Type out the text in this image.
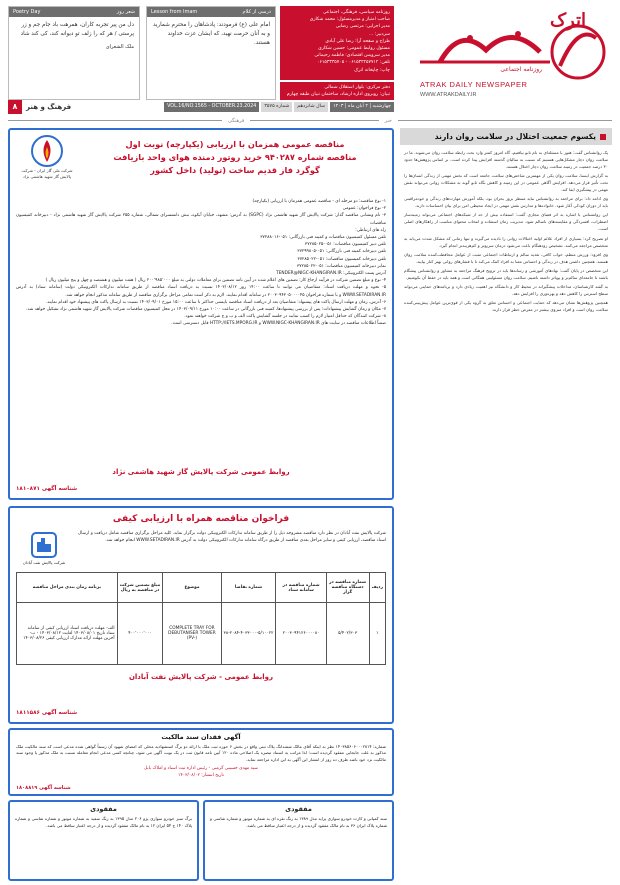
اترک
روزنامه اجتماعی
ATRAK DAILY NEWSPAPER
WWW.ATRAKDAILY.IR
روزنامه سیاسی، فرهنگی، اجتماعی
صاحب امتیاز و مدیرمسئول: محمد شکاری
مدیر اجرایی: مرتضی رضایی
سردبیر: ...
طراح و صفحه آرا: رضا علی آبادی
مسئول روابط عمومی: حسین شکاری
مدیر سرویس اقتصادی: فاطمه رحیمانی
تلفن: ۰۶۱۵۳۲۲۵۷۷۱۲ - ۰۶۱۵۳۳۳۵۷۰۵
چاپ: چاپخانه اترک
دفتر مرکزی: بلوار استقلال شمالی
تبیان: روبروی اداره ارشاد، ساختمان تبیان طبقه چهارم
درسی از کلام
Lesson from Imam
امام علی (ع) فرمودند: پادشاهان را محترم شمارید و به آنان حرمت نهید، که ایشان عزت خداوند هستند.
شعر روز
Poetry Day
دل من پیر تجربه کاران، همرهت باد جام جم و زر پرستی / هر که را زلف تو دیوانه کند، کی کند شاد
ملک الشعرای
چهارشنبه | ۲ آبان ماه | ۱۴۰۳
سال شانزدهم
شماره ۳۵۷۵
VOL.16/NO.1565 - OCTOBER.23.2024
فرهنگ و هنر
۸
خبر
فرهنگی
یکسوم جمعیت اختلال در سلامت روان دارند

یک روانشناس گفت: هنوز با مسئله‌ای به نام تابو نیافتیم، گاه امروز کمتر وارد بحث رابطه سلامت روان می‌شوند. ما در سلامت روان دچار مشکل‌هایی هستیم که نسبت به سالیان گذشته افزایش پیدا کرده است. بر اساس پژوهش‌ها حدود ۳۰ درصد جمعیت در زمینه سلامت روان دچار اختلال هستند.

به گزارش ایسنا، سلامت روان یکی از مهمترین شاخص‌های سلامت جامعه است که بخش مهمی از زندگی انسان‌ها را تحت تأثیر قرار می‌دهد. افزایش آگاهی عمومی در این زمینه و کاهش نگاه تابو گونه به مشکلات روانی می‌تواند نقش مهمی در پیشگیری ایفا کند.

وی ادامه داد: برای مراجعه به روانشناس نباید منتظر بروز بحران بود، بلکه آموزش مهارت‌های زندگی و خودمراقبتی باید از دوران کودکی آغاز شود. خانواده‌ها و مدارس نقش مهمی در ایجاد محیطی امن برای بیان احساسات دارند.

این روانشناس با اشاره به اثر فضای مجازی گفت: استفاده بیش از حد از شبکه‌های اجتماعی می‌تواند زمینه‌ساز اضطراب، افسردگی و مقایسه‌های ناسالم شود. مدیریت زمان استفاده و انتخاب محتوای مناسب از راهکارهای اصلی است.

او تصریح کرد: بسیاری از افراد علائم اولیه اختلالات روانی را نادیده می‌گیرند و تنها زمانی که مشکل شدت می‌یابد به متخصص مراجعه می‌کنند. تشخیص زودهنگام باعث می‌شود درمان سریع‌تر و کم‌هزینه‌تر انجام گیرد.

وی افزود: ورزش منظم، خواب کافی، تغذیه سالم و ارتباطات اجتماعی مثبت از عوامل محافظت‌کننده سلامت روان هستند. همچنین داشتن هدف در زندگی و احساس معنا به افراد کمک می‌کند تا با فشارهای روانی بهتر کنار بیایند.

این متخصص در پایان گفت: نهادهای آموزشی و رسانه‌ها باید در ترویج فرهنگ مراجعه به مشاور و روانشناس پیشگام باشند تا جامعه‌ای سالم‌تر و پویاتر داشته باشیم. سلامت روان مسئولیتی همگانی است و همه باید در حفظ آن بکوشیم.

به گفته کارشناسان، مداخلات پیشگیرانه در محیط کار و دانشگاه نیز اهمیت زیادی دارد و برنامه‌های حمایتی می‌تواند سطح استرس را کاهش دهد و بهره‌وری را افزایش دهد.

همچنین پژوهش‌ها نشان می‌دهد که حمایت اجتماعی و احساس تعلق به گروه یکی از قوی‌ترین عوامل پیش‌بینی‌کننده سلامت روان است و افراد منزوی بیشتر در معرض خطر قرار دارند.

مناقصه عمومی همزمان با ارزیابی (یکپارچه) نوبت اول
مناقصه شماره ۹۴۰۲۸۷ خرید روتور دمنده هوای واحد بازیافت
گوگرد فاز قدیم ساخت (تولید) داخل کشور
شرکت ملی گاز ایران - شرکت پالایش گاز شهید هاشمی نژاد
۱- نوع مناقصه: دو مرحله ای - مناقصه عمومی همزمان با ارزیابی (یکپارچه)
۲- نوع فراخوان: عمومی
۳- نام ونشانی مناقصه گذار: شرکت پالایش گاز شهید هاشمی نژاد (SGPC) به آدرس: مشهد، خیابان آبکوه، نبش دانشسرای شمالی، شماره ۲۵۵ شرکت پالایش گاز شهید هاشمی نژاد - دبیرخانه کمیسیون مناقصات
راه های ارتباطی:
تلفن مسئول کمیسیون مناقصات و کمیته فنی بازرگانی: ۰۵۱-۳۷۲۸۸۰۱۶
تلفن دبیر کمیسیون مناقصات: ۰۵۱-۳۷۲۸۵۰۲۵
تلفن دبیرخانه کمیته فنی بازرگانی: ۰۵۱-۳۷۲۹۹۸۰۵
تلفن دبیرخانه کمیسیون مناقصات: ۰۵۱-۳۷۲۸۵۰۲۲
نمابر دبیرخانه کمیسیون مناقصات: ۰۵۱-۳۷۲۸۵۰۲۲
آدرس پست الکترونیکی: TENDER@NIGC-KHANGIRAN.IR
۴- نوع و مبلغ تضمین شرکت در فرآیند ارجاع کار: تضمین های اعلام شده در آیین نامه تضمین برای معاملات دولتی به مبلغ ۲۰۰٬۹۸۵٬۰۰۰ ریال ( هفت میلیون و هشتصد و چهل و پنج میلیون ریال )
۵- نحوه و مهلت دریافت اسناد: متقاضیان می توانند تا ساعت ۱۴:۰۰ روز ۱۴۰۳/۰۸/۱۲ نسبت به دریافت اسناد مناقصه از طریق سامانه تدارکات الکترونیکی دولت (سامانه ستاد) به آدرس WWW.SETADIRAN.IR و با شماره فراخوان ۲۰۰۳۰۹۴۲۰۵۰۰۰۰۴۵ در سامانه اقدام نمایند. لازم به ذکر است تمامی مراحل برگزاری مناقصه از طریق سامانه مذکور انجام خواهد شد.
۶- آدرس، زمان و مهلت ارسال پاکت های پیشنهاد: متقاضیان بعد از دریافت اسناد مناقصه بایستی حداکثر تا ساعت ۱۵:۰۰ مورخ ۱۴۰۳/۰۹/۰۱ نسبت به ارسال پاکت های پیشنهاد خود اقدام نمایند.
۷- مکان و زمان گشایش پیشنهادات: پس از بررسی پیشنهادها، کمیته فنی بازرگانی در ساعت ۱۰:۰۰ مورخ ۱۴۰۳/۰۹/۱۱ در محل کمیسیون مناقصات شرکت پالایش گاز شهید هاشمی نژاد تشکیل خواهد شد.
۸- شرکت کنندگان که حداقل امتیاز لازم را کسب نمایند در جلسه گشایش پاکت الف و ب و ج شرکت خواهند نمود.
ضمناً اطلاعات مناقصه در سایت های WWW.NIGC-KHANGIRAN.IR و HTTP://IETS.MPORG.IR قابل دسترسی است.
روابط عمومی شرکت پالایش گاز شهید هاشمی نژاد
شناسه آگهی ۱۸۱۰۸۷۱
فراخوان مناقصه همراه با ارزیابی کیفی
شرکت پالایش نفت آبادان در نظر دارد مناقصه مشروحه ذیل را از طریق سامانه تدارکات الکترونیکی دولت برگزار نماید. کلیه مراحل برگزاری مناقصه شامل دریافت و ارسال اسناد مناقصه، ارزیابی کیفی و سایر مراحل بعدی مناقصه از طریق درگاه سامانه تدارکات الکترونیکی دولت به آدرس WWW.SETADIRAN.IR انجام خواهد شد.
شرکت پالایش نفت آبادان
ردیف	شماره مناقصه در دستگاه مناقصه گزار	شماره مناقصه در سامانه ستاد	شماره تقاضا	موضوع	مبلغ تضمین شرکت در مناقصه به ریال	برنامه زمان بندی مراحل مناقصه
۱	۵/۴۰۲/۳۰۳	۲۰۰۳۰۹۴۱۲۶۰۰۰۰۸۰	۳۸-۲۰۸۴-۴۰۳۳۰۰۰-۵/۱۰۰۲۲	COMPLETE TRAY FOR DEBUTANISER TOWER (PV-)	۴۰۰٬۰۰۰٬۰۰۰	الف- مهلت دریافت اسناد ارزیابی کیفی از سامانه ستاد تاریخ ۱۴۰۳/۰۸/۰۱ لغایت ۱۴۰۳/۰۸/۱۲ - ب- آخرین مهلت ارائه مدارک ارزیابی کیفی ۱۴۰۳/۰۸/۲۶
روابط عمومی - شرکت پالایش نفت آبادان
شناسه آگهی ۱۸۱۱۵۸۶
آگهی فقدان سند مالکیت
شماره: ۱۴۰۳۸۵۶۰۶۰۰۰۲۸۱۴ نظر به اینکه آقای مالک ششدانگ پلاک ثبتی واقع در بخش ۶ حوزه ثبت ملک با ارائه دو برگ استشهادیه محلی که امضای شهود آن رسماً گواهی شده مدعی است که سند مالکیت ملک مذکور به علت جابجایی مفقود گردیده است؛ لذا مراتب به استناد تبصره یک اصلاحی ماده ۱۲۰ آیین نامه قانون ثبت در یک نوبت آگهی می شود، چنانچه کسی مدعی انجام معامله نسبت به ملک مذکور یا وجود سند مالکیت نزد خود باشد ظرف ده روز از انتشار این آگهی به این اداره مراجعه نماید.
سید مهدی حسینی گرمنی - رئیس اداره ثبت اسناد و املاک بابل
تاریخ انتشار: ۱۴۰۳/۰۸/۰۲
شناسه آگهی ۱۸۰۸۸۱۹
مفقودی
سند کمپانی و کارت خودرو سواری پراید مدل ۱۳۸۹ به رنگ نقره ای به شماره موتور و شماره شاسی و شماره پلاک ایران ۳۶ به نام مالک مفقود گردیده و از درجه اعتبار ساقط می باشد.
مفقودی
برگ سبز خودرو سواری پژو ۲۰۶ مدل ۱۳۹۵ به رنگ سفید به شماره موتور و شماره شاسی و شماره پلاک ۱۴۰ ج ۵۴ ایران ۱۲ به نام مالک مفقود گردیده و از درجه اعتبار ساقط می باشد.
